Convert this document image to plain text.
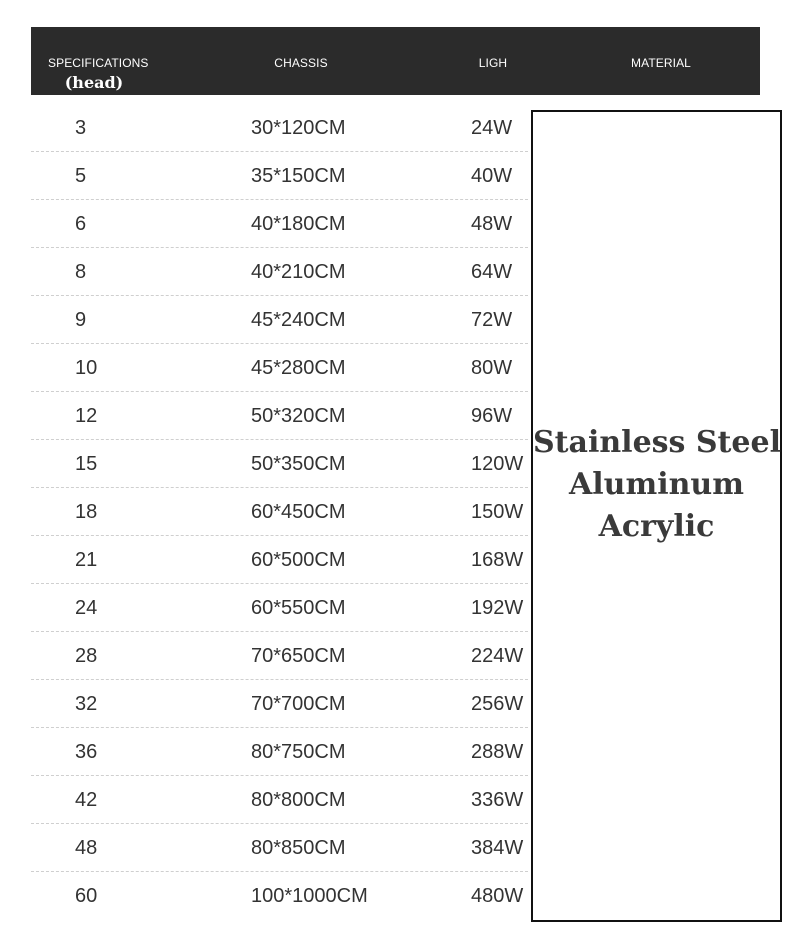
SPECIFICATIONS
(head)
CHASSIS	LIGH	MATERIAL
3	30*120CM	24W
5	35*150CM	40W
6	40*180CM	48W
8	40*210CM	64W
9	45*240CM	72W
10	45*280CM	80W
12	50*320CM	96W
15	50*350CM	120W
18	60*450CM	150W
21	60*500CM	168W
24	60*550CM	192W
28	70*650CM	224W
32	70*700CM	256W
36	80*750CM	288W
42	80*800CM	336W
48	80*850CM	384W
60	100*1000CM	480W
Stainless Steel
Aluminum
Acrylic
